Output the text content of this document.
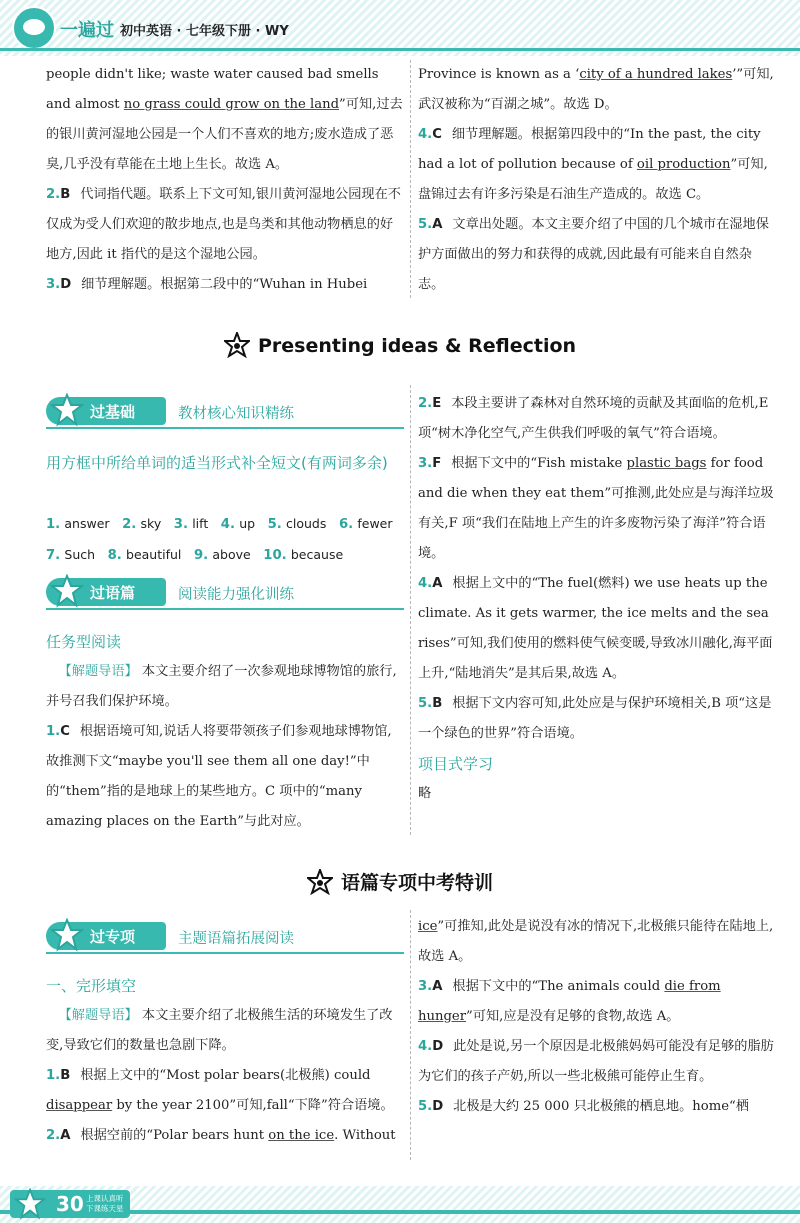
一遍过 初中英语 · 七年级下册 · WY

people didn't like; waste water caused bad smells and almost no grass could grow on the land”可知,过去的银川黄河湿地公园是一个人们不喜欢的地方;废水造成了恶臭,几乎没有草能在土地上生长。故选 A。

2.B 代词指代题。联系上下文可知,银川黄河湿地公园现在不仅成为受人们欢迎的散步地点,也是鸟类和其他动物栖息的好地方,因此 it 指代的是这个湿地公园。

3.D 细节理解题。根据第二段中的“Wuhan in Hubei

Province is known as a ‘city of a hundred lakes’”可知,武汉被称为“百湖之城”。故选 D。

4.C 细节理解题。根据第四段中的“In the past, the city had a lot of pollution because of oil production”可知,盘锦过去有许多污染是石油生产造成的。故选 C。

5.A 文章出处题。本文主要介绍了中国的几个城市在湿地保护方面做出的努力和获得的成就,因此最有可能来自自然杂志。

Presenting ideas & Reflection
过基础	教材核心知识精练

用方框中所给单词的适当形式补全短文(有两词多余)

1. answer 2. sky 3. lift 4. up 5. clouds 6. fewer

7. Such 8. beautiful 9. above 10. because

过语篇	阅读能力强化训练

任务型阅读

【解题导语】 本文主要介绍了一次参观地球博物馆的旅行,并号召我们保护环境。

1.C 根据语境可知,说话人将要带领孩子们参观地球博物馆,故推测下文“maybe you'll see them all one day!”中的“them”指的是地球上的某些地方。C 项中的“many amazing places on the Earth”与此对应。

2.E 本段主要讲了森林对自然环境的贡献及其面临的危机,E 项“树木净化空气,产生供我们呼吸的氧气”符合语境。

3.F 根据下文中的“Fish mistake plastic bags for food and die when they eat them”可推测,此处应是与海洋垃圾有关,F 项“我们在陆地上产生的许多废物污染了海洋”符合语境。

4.A 根据上文中的“The fuel(燃料) we use heats up the climate. As it gets warmer, the ice melts and the sea rises”可知,我们使用的燃料使气候变暖,导致冰川融化,海平面上升,“陆地消失”是其后果,故选 A。

5.B 根据下文内容可知,此处应是与保护环境相关,B 项“这是一个绿色的世界”符合语境。

项目式学习

略

语篇专项中考特训
过专项	主题语篇拓展阅读

一、完形填空

【解题导语】 本文主要介绍了北极熊生活的环境发生了改变,导致它们的数量也急剧下降。

1.B 根据上文中的“Most polar bears(北极熊) could disappear by the year 2100”可知,fall“下降”符合语境。

2.A 根据空前的“Polar bears hunt on the ice. Without

ice”可推知,此处是说没有冰的情况下,北极熊只能待在陆地上,故选 A。

3.A 根据下文中的“The animals could die from hunger”可知,应是没有足够的食物,故选 A。

4.D 此处是说,另一个原因是北极熊妈妈可能没有足够的脂肪为它们的孩子产奶,所以一些北极熊可能停止生育。

5.D 北极是大约 25 000 只北极熊的栖息地。home“栖

30 上课认真听
下课练天星
